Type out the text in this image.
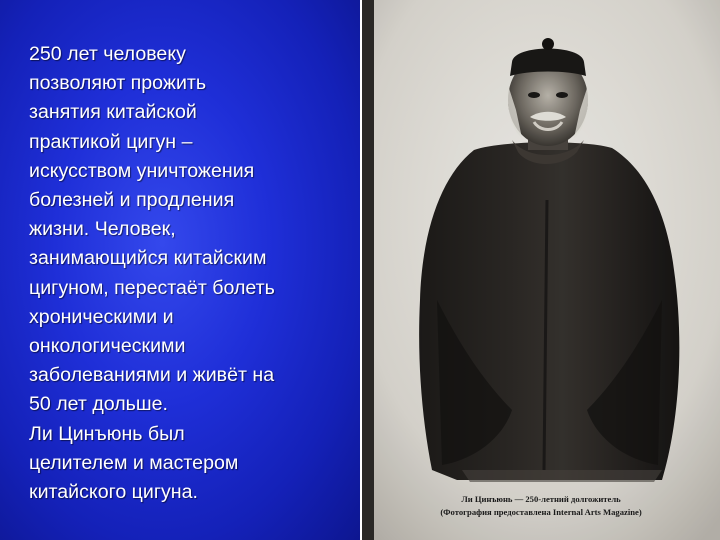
250 лет человеку
позволяют прожить
занятия китайской
практикой цигун –
искусством уничтожения
болезней и продления
жизни. Человек,
занимающийся китайским
цигуном, перестаёт болеть
хроническими и
онкологическими
заболеваниями и живёт на
50 лет дольше.
Ли Цинъюнь был
целителем и мастером
китайского цигуна.	Ли Цинъюнь — 250-летний долгожитель
(Фотография предоставлена Internal Arts Magazine)
